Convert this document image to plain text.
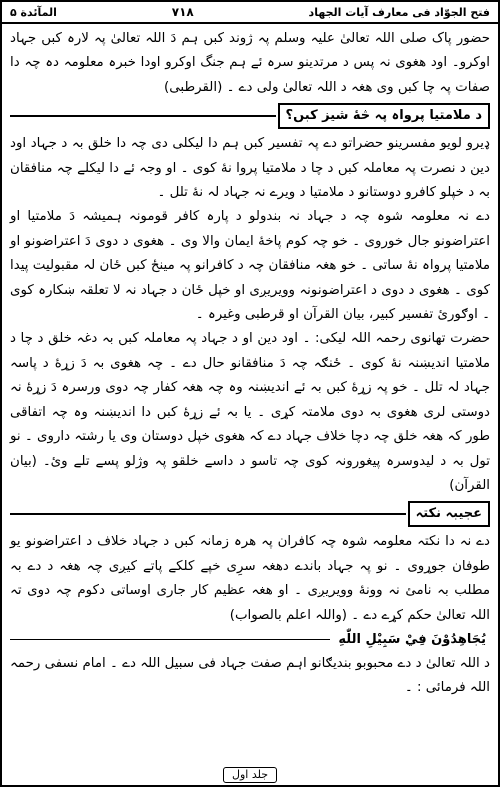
فتح الجوّاد فی معارف آیات الجهاد
۷۱۸
المآئدة ۵

حضور پاک صلی اللہ تعالیٰ علیہ وسلم پہ ژوند کبں ہم دَ اللہ تعالیٰ پہ لارہ کبں جہاد اوکرو۔ اود ھغوی نہ پس د مرتدینو سرہ ئے ہم جنگ اوکرو اودا خبرہ معلومہ دہ چہ دا صفات پہ چا کبں وی ھغہ د اللہ تعالیٰ ولی دے ۔ (القرطبی)

د ملامتیا پرواہ پہ څۀ شیز کبں؟

ډیرو لویو مفسرینو حضراتو دے پہ تفسیر کبں ہم دا لیکلی دی چہ دا خلق بہ د جہاد اود دین د نصرت پہ معاملہ کبں د چا د ملامتیا پروا نۀ کوی ۔ او وجہ ئے دا لیکلے چہ منافقان بہ د خپلو کافرو دوستانو د ملامتیا د ویرے نہ جہاد لہ نۀ تلل ۔

دے نہ معلومہ شوہ چہ د جہاد نہ بندولو د پارہ کافر قومونہ ہمیشہ دَ ملامتیا او اعتراضونو جال خوروی ۔ خو چہ کوم پاخۀ ایمان والا وی ۔ ھغوی د دوی دَ اعتراضونو او ملامتیا پرواہ نۀ ساتی ۔ خو ھغہ منافقان چہ د کافرانو پہ مینځ کبں ځان لہ مقبولیت پیدا کوی ۔ ھغوی د دوی د اعتراضونونہ وویریږی او خپل ځان د جہاد نہ لا تعلقہ ښکارہ کوی ۔ اوګورئ تفسیر کبیر، بیان القرآن او قرطبی وغیرہ ۔

حضرت تھانوی رحمہ اللہ لیکی: ۔ اود دین او د جہاد پہ معاملہ کبں بہ دغہ خلق د چا د ملامتیا اندیښنہ نۀ کوی ۔ ځنګہ چہ دَ منافقانو حال دے ۔ چہ ھغوی بہ دَ زړۀ د پاسہ جہاد لہ تلل ۔ خو پہ زړۀ کبں بہ ئے اندیښنہ وہ چہ ھغہ کفار چہ دوی ورسرہ دَ زړۀ نہ دوستی لری ھغوی بہ دوی ملامتہ کړی ۔ یا بہ ئے زړۀ کبں دا اندیښنہ وہ چہ اتفاقی طور کہ ھغہ خلق چہ دچا خلاف جہاد دے کہ ھغوی خپل دوستان وی یا رشتہ داروی ۔ نو تول بہ د لیدوسرہ پیغورونہ کوی چہ تاسو د داسے خلقو پہ وژلو پسے تلے وئ۔ (بیان القرآن)

عجیبہ نکتہ

دے نہ دا نکتہ معلومہ شوہ چہ کافران پہ ھرہ زمانہ کبں د جہاد خلاف د اعتراضونو یو طوفان جوړوی ۔ نو پہ جہاد باندے دھغہ سرِی خپے کلکے پاتے کیږی چہ ھغہ د دے بہ مطلب بہ نامئ نہ وونۀ وویریږی ۔ او ھغہ عظیم کار جاری اوساتی دکوم چہ دوی تہ اللہ تعالیٰ حکم کړے دے ۔ (واللہ اعلم بالصواب)

يُجَاهِدُوْنَ فِيْ سَبِيْلِ اللّٰهِ

د اللہ تعالیٰ د دے محبوبو بندیګانو اہم صفت جہاد فی سبیل اللہ دے ۔ امام نسفی رحمہ اللہ فرمائی : ۔

جلد اول
